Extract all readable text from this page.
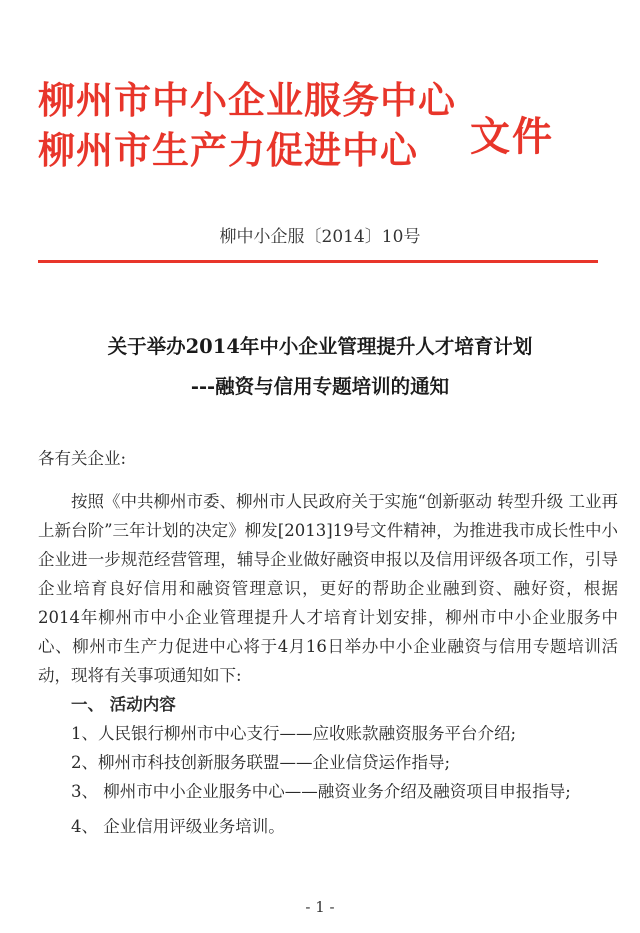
柳州市中小企业服务中心
柳州市生产力促进中心	文件
柳中小企服〔2014〕10号
关于举办2014年中小企业管理提升人才培育计划
---融资与信用专题培训的通知

各有关企业:

按照《中共柳州市委、柳州市人民政府关于实施“创新驱动 转型升级 工业再上新台阶”三年计划的决定》柳发[2013]19号文件精神，为推进我市成长性中小企业进一步规范经营管理，辅导企业做好融资申报以及信用评级各项工作，引导企业培育良好信用和融资管理意识，更好的帮助企业融到资、融好资，根据2014年柳州市中小企业管理提升人才培育计划安排，柳州市中小企业服务中心、柳州市生产力促进中心将于4月16日举办中小企业融资与信用专题培训活动，现将有关事项通知如下:

一、 活动内容

1、人民银行柳州市中心支行——应收账款融资服务平台介绍;

2、柳州市科技创新服务联盟——企业信贷运作指导;

3、 柳州市中小企业服务中心——融资业务介绍及融资项目申报指导;

4、 企业信用评级业务培训。

- 1 -
